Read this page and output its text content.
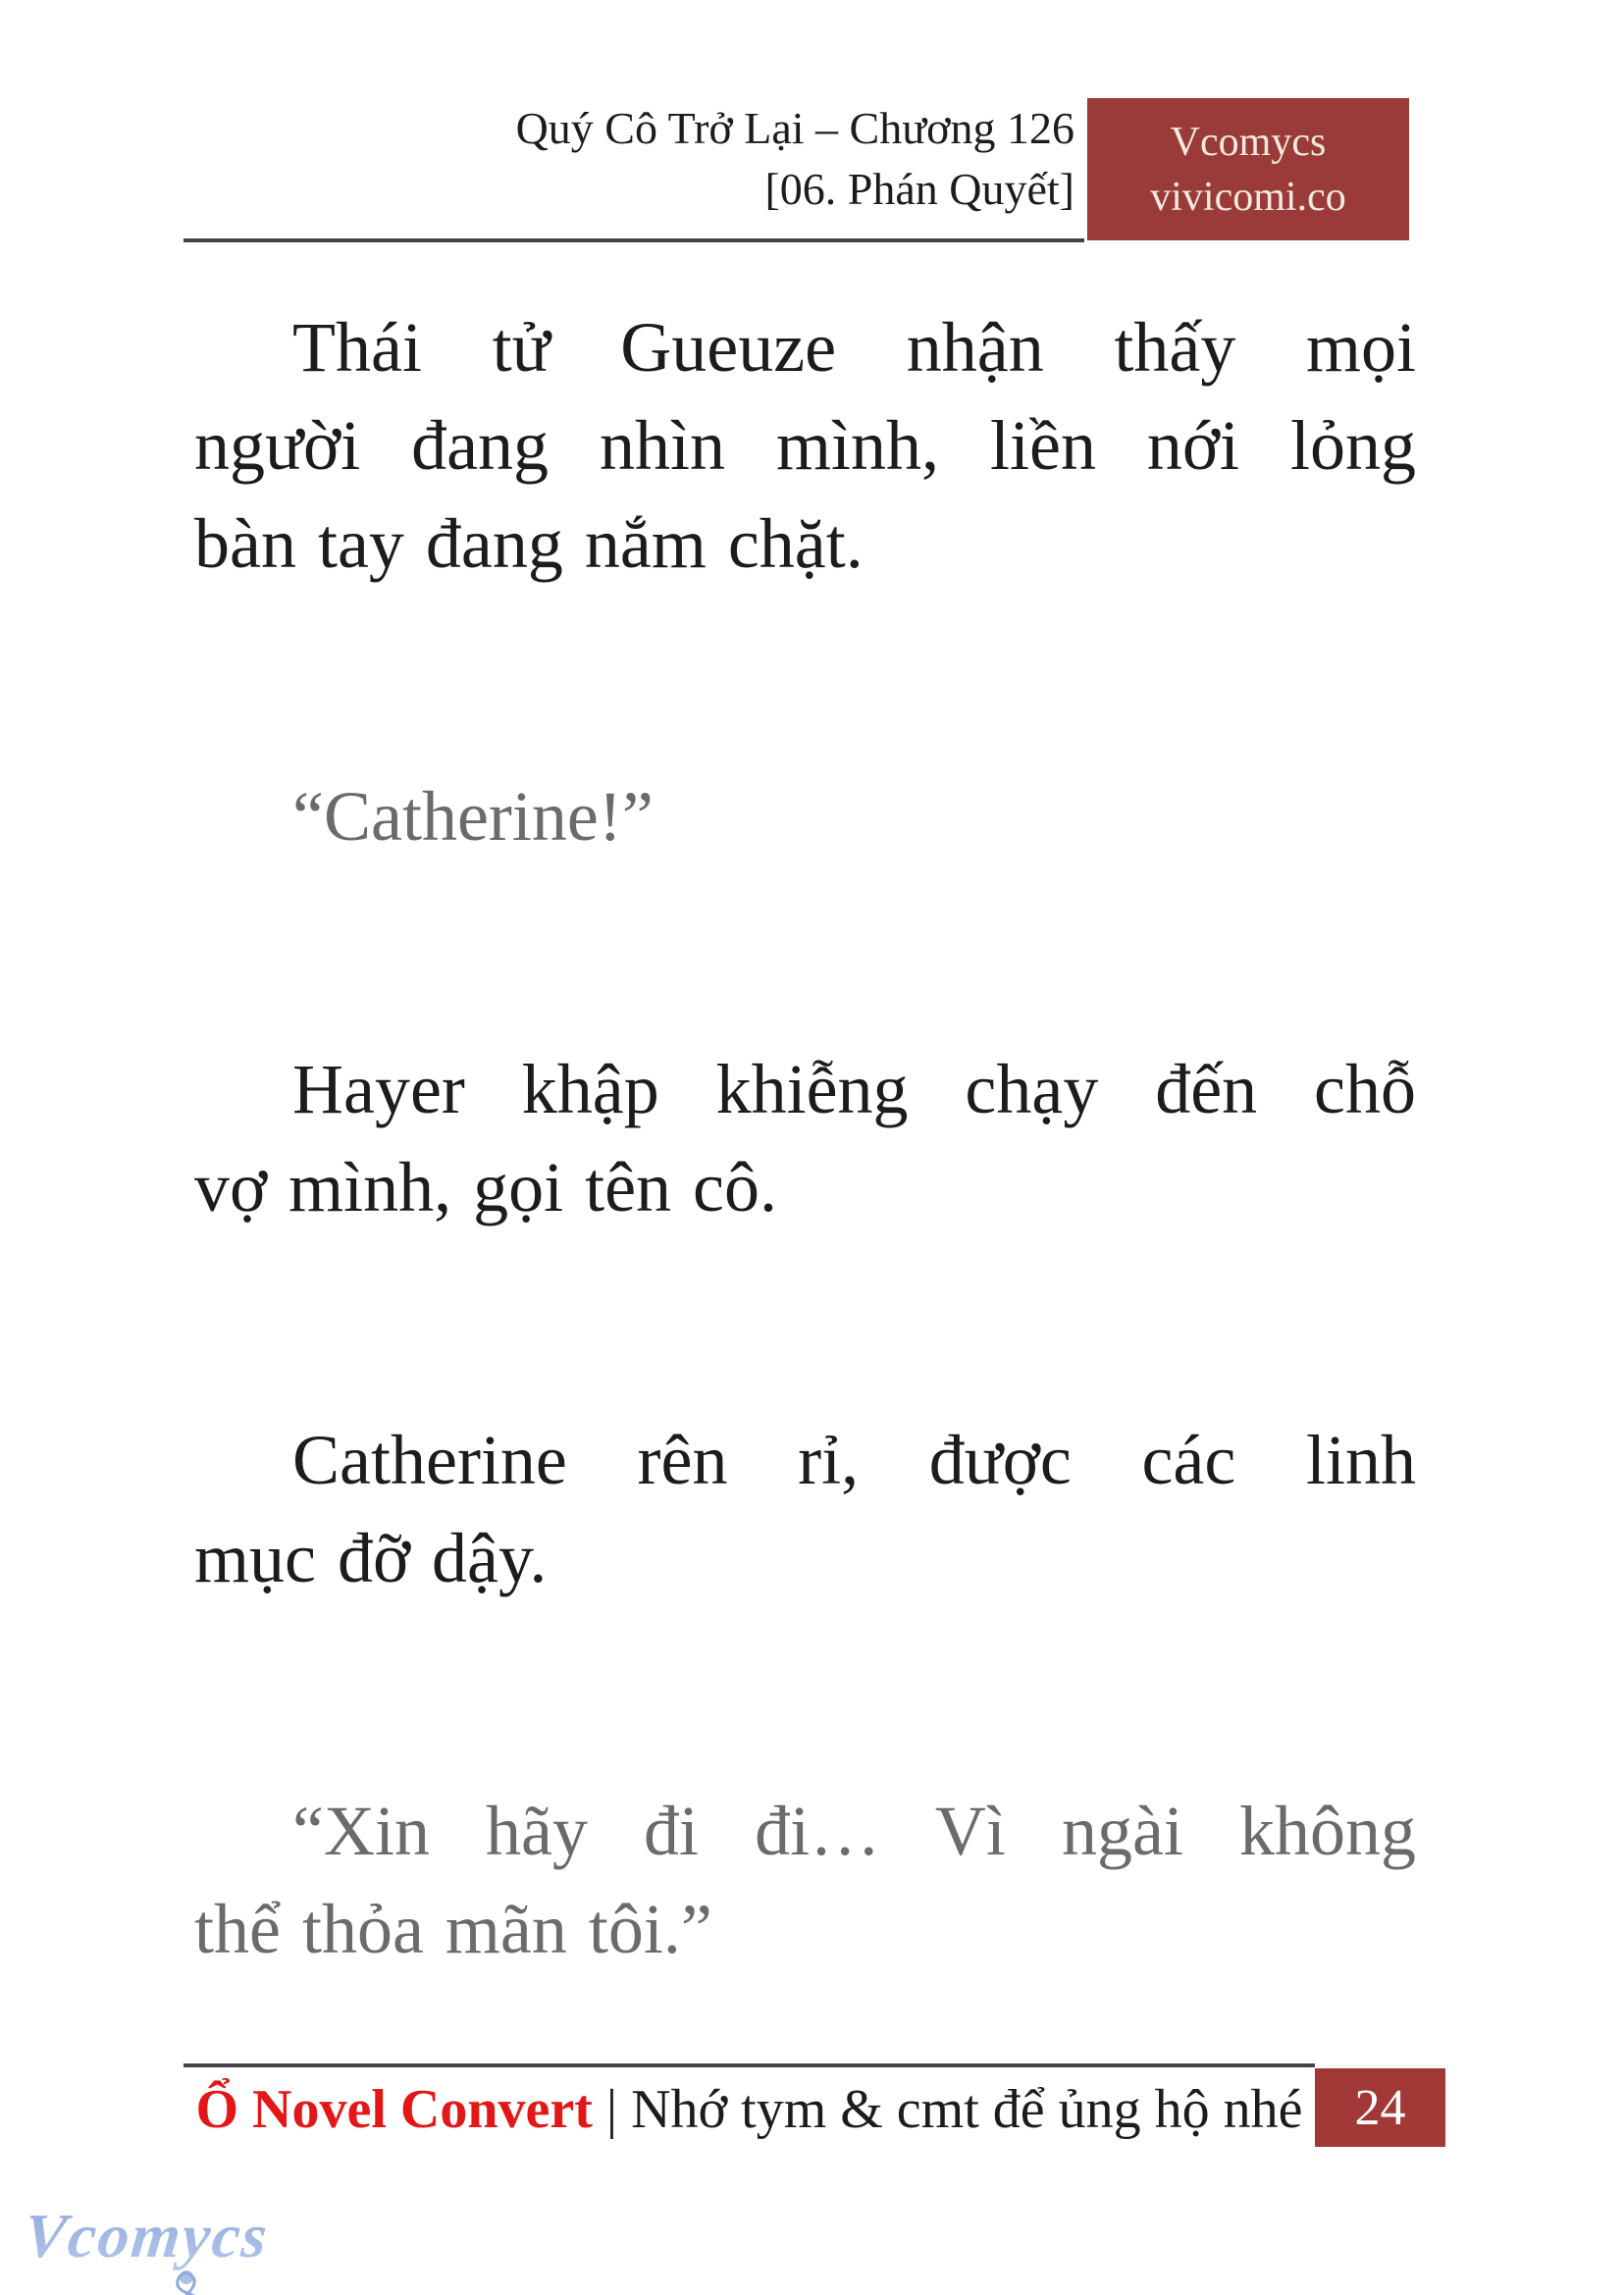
Quý Cô Trở Lại – Chương 126
[06. Phán Quyết]
Vcomycs
vivicomi.co
Thái tử Gueuze nhận thấy mọi
người đang nhìn mình, liền nới lỏng
bàn tay đang nắm chặt.
“Catherine!”
Hayer khập khiễng chạy đến chỗ
vợ mình, gọi tên cô.
Catherine rên rỉ, được các linh
mục đỡ dậy.
“Xin hãy đi đi… Vì ngài không
thể thỏa mãn tôi.”
Ổ Novel Convert | Nhớ tym & cmt để ủng hộ nhé 24
Vcomycs
